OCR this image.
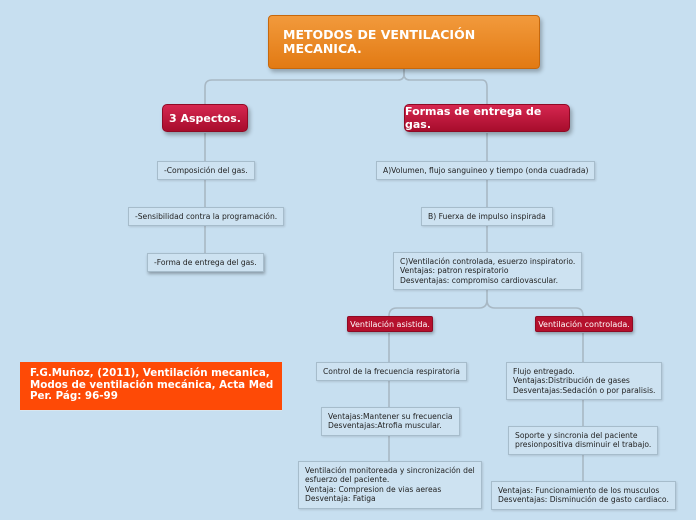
METODOS DE VENTILACIÓN
MECANICA.
3 Aspectos.	Formas de entrega de gas.
-Composición del gas.
-Sensibilidad contra la programación.
-Forma de entrega del gas.
A)Volumen, flujo sanguineo y tiempo (onda cuadrada)
B) Fuerxa de impulso inspirada
C)Ventilación controlada, esuerzo inspiratorio.
Ventajas: patron respiratorio
Desventajas: compromiso cardiovascular.
Ventilación asistida.	Ventilación controlada.
Control de la frecuencia respiratoria
Ventajas:Mantener su frecuencia
Desventajas:Atrofia muscular.
Ventilación monitoreada y sincronización del
esfuerzo del paciente.
Ventaja: Compresion de vias aereas
Desventaja: Fatiga
Flujo entregado.
Ventajas:Distribución de gases
Desventajas:Sedación o por paralisis.
Soporte y sincronia del paciente
presionpositiva disminuir el trabajo.
Ventajas: Funcionamiento de los musculos
Desventajas: Disminución de gasto cardiaco.
F.G.Muñoz, (2011), Ventilación mecanica,
Modos de ventilación mecánica, Acta Med
Per. Pág: 96-99
